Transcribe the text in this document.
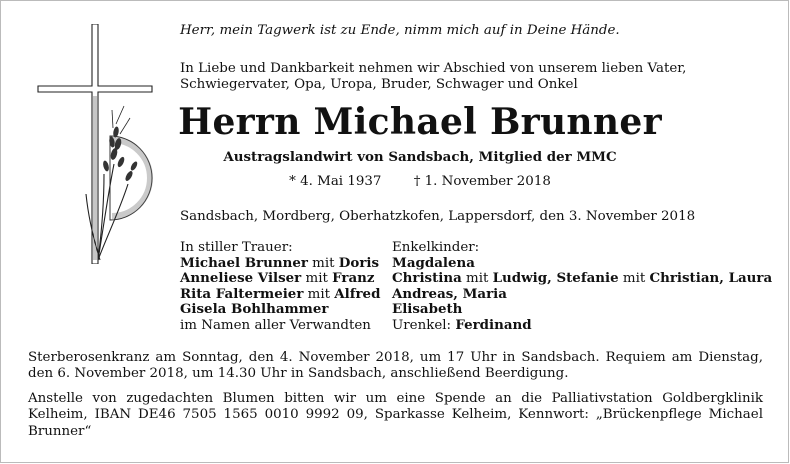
Herr, mein Tagwerk ist zu Ende, nimm mich auf in Deine Hände.
In Liebe und Dankbarkeit nehmen wir Abschied von unserem lieben Vater,
Schwiegervater, Opa, Uropa, Bruder, Schwager und Onkel
Herrn Michael Brunner
Austragslandwirt von Sandsbach, Mitglied der MMC
* 4. Mai 1937 † 1. November 2018
Sandsbach, Mordberg, Oberhatzkofen, Lappersdorf, den 3. November 2018
In stiller Trauer:
Michael Brunner mit Doris
Anneliese Vilser mit Franz
Rita Faltermeier mit Alfred
Gisela Bohlhammer
im Namen aller Verwandten
Enkelkinder:
Magdalena
Christina mit Ludwig, Stefanie mit Christian, Laura
Andreas, Maria
Elisabeth
Urenkel: Ferdinand
Sterberosenkranz am Sonntag, den 4. November 2018, um 17 Uhr in Sandsbach. Requiem am Dienstag, den 6. November 2018, um 14.30 Uhr in Sandsbach, anschließend Beerdigung.
Anstelle von zugedachten Blumen bitten wir um eine Spende an die Palliativstation Goldbergklinik Kelheim, IBAN DE46 7505 1565 0010 9992 09, Sparkasse Kelheim, Kennwort: „Brückenpflege Michael Brunner“
